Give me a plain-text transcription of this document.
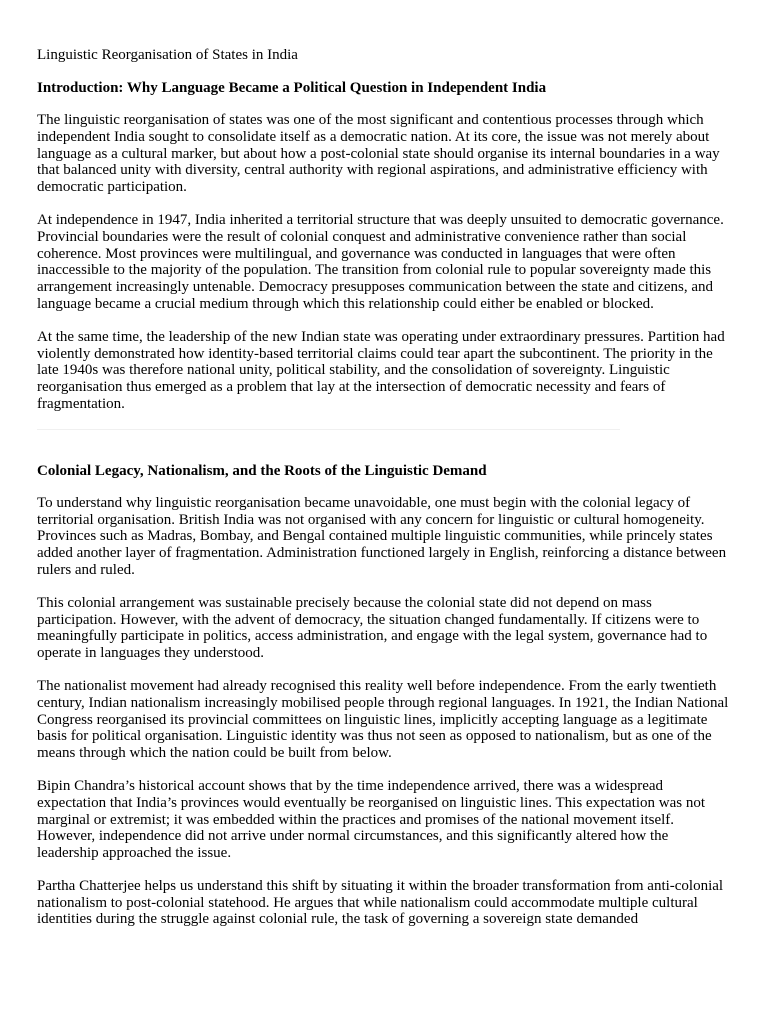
Linguistic Reorganisation of States in India
Introduction: Why Language Became a Political Question in Independent India

The linguistic reorganisation of states was one of the most significant and contentious processes through which independent India sought to consolidate itself as a democratic nation. At its core, the issue was not merely about language as a cultural marker, but about how a post-colonial state should organise its internal boundaries in a way that balanced unity with diversity, central authority with regional aspirations, and administrative efficiency with democratic participation.

At independence in 1947, India inherited a territorial structure that was deeply unsuited to democratic governance. Provincial boundaries were the result of colonial conquest and administrative convenience rather than social coherence. Most provinces were multilingual, and governance was conducted in languages that were often inaccessible to the majority of the population. The transition from colonial rule to popular sovereignty made this arrangement increasingly untenable. Democracy presupposes communication between the state and citizens, and language became a crucial medium through which this relationship could either be enabled or blocked.

At the same time, the leadership of the new Indian state was operating under extraordinary pressures. Partition had violently demonstrated how identity-based territorial claims could tear apart the subcontinent. The priority in the late 1940s was therefore national unity, political stability, and the consolidation of sovereignty. Linguistic reorganisation thus emerged as a problem that lay at the intersection of democratic necessity and fears of fragmentation.

Colonial Legacy, Nationalism, and the Roots of the Linguistic Demand

To understand why linguistic reorganisation became unavoidable, one must begin with the colonial legacy of territorial organisation. British India was not organised with any concern for linguistic or cultural homogeneity. Provinces such as Madras, Bombay, and Bengal contained multiple linguistic communities, while princely states added another layer of fragmentation. Administration functioned largely in English, reinforcing a distance between rulers and ruled.

This colonial arrangement was sustainable precisely because the colonial state did not depend on mass participation. However, with the advent of democracy, the situation changed fundamentally. If citizens were to meaningfully participate in politics, access administration, and engage with the legal system, governance had to operate in languages they understood.

The nationalist movement had already recognised this reality well before independence. From the early twentieth century, Indian nationalism increasingly mobilised people through regional languages. In 1921, the Indian National Congress reorganised its provincial committees on linguistic lines, implicitly accepting language as a legitimate basis for political organisation. Linguistic identity was thus not seen as opposed to nationalism, but as one of the means through which the nation could be built from below.

Bipin Chandra’s historical account shows that by the time independence arrived, there was a widespread expectation that India’s provinces would eventually be reorganised on linguistic lines. This expectation was not marginal or extremist; it was embedded within the practices and promises of the national movement itself. However, independence did not arrive under normal circumstances, and this significantly altered how the leadership approached the issue.

Partha Chatterjee helps us understand this shift by situating it within the broader transformation from anti-colonial nationalism to post-colonial statehood. He argues that while nationalism could accommodate multiple cultural identities during the struggle against colonial rule, the task of governing a sovereign state demanded
